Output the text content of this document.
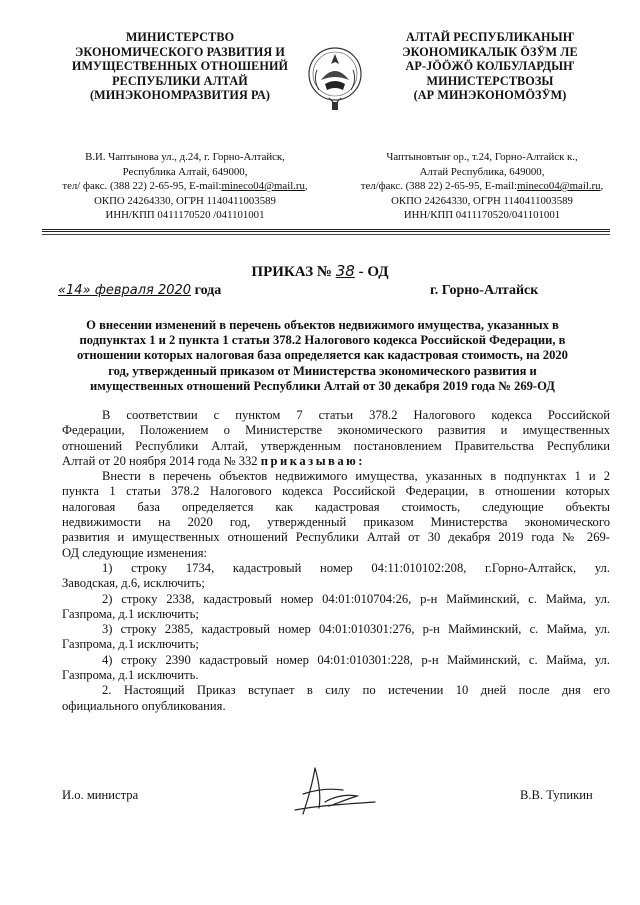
МИНИСТЕРСТВО
ЭКОНОМИЧЕСКОГО РАЗВИТИЯ И
ИМУЩЕСТВЕННЫХ ОТНОШЕНИЙ
РЕСПУБЛИКИ АЛТАЙ
(МИНЭКОНОМРАЗВИТИЯ РА)
АЛТАЙ РЕСПУБЛИКАНЫҤ
ЭКОНОМИКАЛЫК ÖЗӰМ ЛЕ
АР-JÖÖЖÖ КОЛБУЛАРДЫҤ
МИНИСТЕРСТВОЗЫ
(АР МИНЭКОНОМÖЗӰМ)
В.И. Чаптынова ул., д.24, г. Горно-Алтайск,
Республика Алтай, 649000,
тел/ факс. (388 22) 2-65-95, E-mail:mineco04@mail.ru,
ОКПО 24264330, ОГРН 1140411003589
ИНН/КПП 0411170520 /041101001
Чаптыновтыҥ ор., т.24, Горно-Алтайск к.,
Алтай Республика, 649000,
тел/факс. (388 22) 2-65-95, E-mail:mineco04@mail.ru,
ОКПО 24264330, ОГРН 1140411003589
ИНН/КПП 0411170520/041101001
ПРИКАЗ № 38 - ОД
«14» февраля 2020 года	г. Горно-Алтайск
О внесении изменений в перечень объектов недвижимого имущества, указанных в
подпунктах 1 и 2 пункта 1 статьи 378.2 Налогового кодекса Российской Федерации, в
отношении которых налоговая база определяется как кадастровая стоимость, на 2020
год, утвержденный приказом от Министерства экономического развития и
имущественных отношений Республики Алтай от 30 декабря 2019 года № 269-ОД

В соответствии с пунктом 7 статьи 378.2 Налогового кодекса Российской
Федерации, Положением о Министерстве экономического развития и имущественных
отношений Республики Алтай, утвержденным постановлением Правительства Республики
Алтай от 20 ноября 2014 года № 332 приказываю:

Внести в перечень объектов недвижимого имущества, указанных в подпунктах 1 и 2
пункта 1 статьи 378.2 Налогового кодекса Российской Федерации, в отношении которых
налоговая база определяется как кадастровая стоимость, следующие объекты
недвижимости на 2020 год, утвержденный приказом Министерства экономического
развития и имущественных отношений Республики Алтай от 30 декабря 2019 года № 269-
ОД следующие изменения:

1) строку 1734, кадастровый номер 04:11:010102:208, г.Горно-Алтайск, ул.
Заводская, д.6, исключить;

2) строку 2338, кадастровый номер 04:01:010704:26, р-н Майминский, с. Майма, ул.
Газпрома, д.1 исключить;

3) строку 2385, кадастровый номер 04:01:010301:276, р-н Майминский, с. Майма, ул.
Газпрома, д.1 исключить;

4) строку 2390 кадастровый номер 04:01:010301:228, р-н Майминский, с. Майма, ул.
Газпрома, д.1 исключить.

2. Настоящий Приказ вступает в силу по истечении 10 дней после дня его
официального опубликования.

И.о. министра	В.В. Тупикин
